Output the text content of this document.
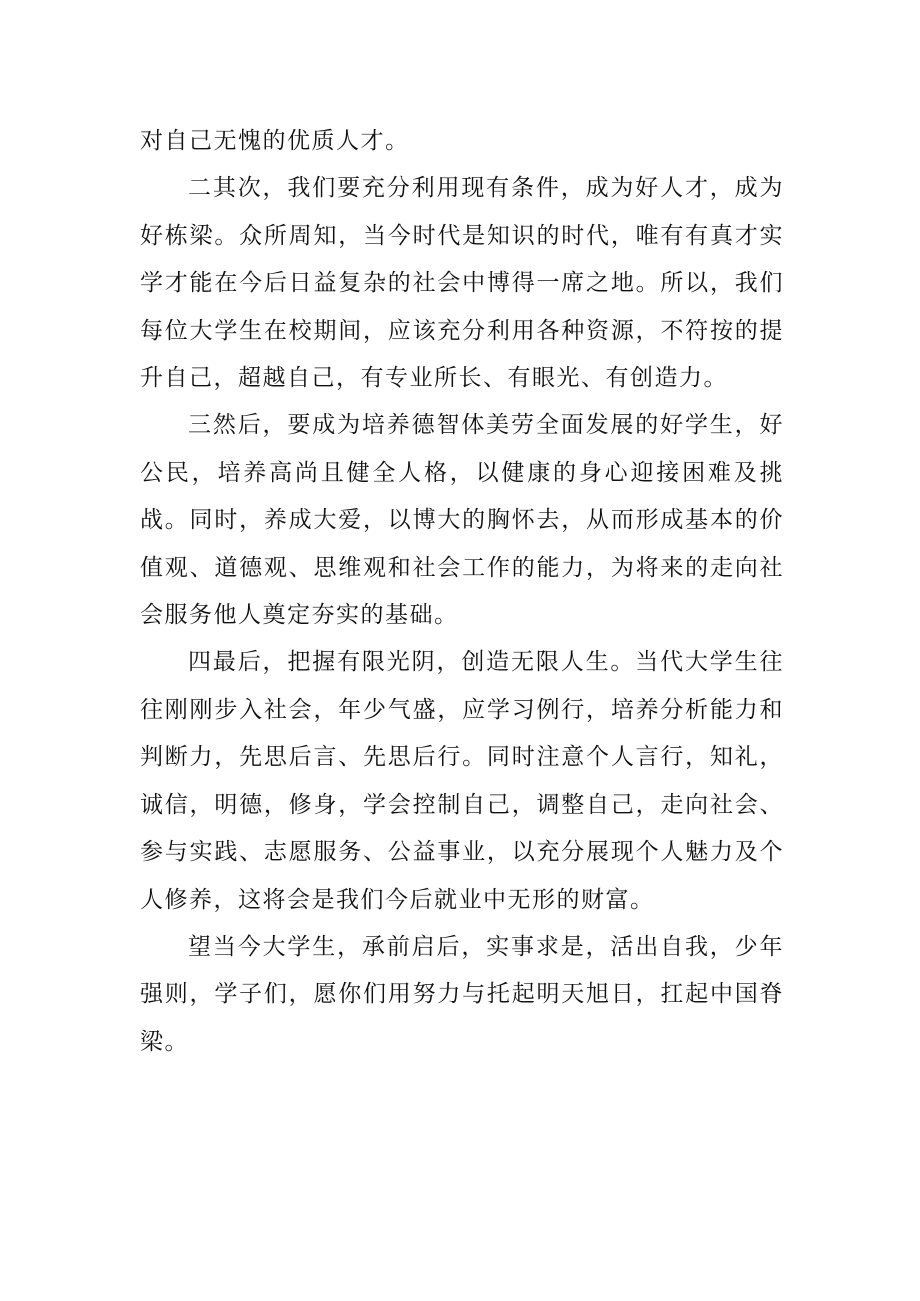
对自己无愧的优质人才。

二其次，我们要充分利用现有条件，成为好人才，成为好栋梁。众所周知，当今时代是知识的时代，唯有有真才实学才能在今后日益复杂的社会中博得一席之地。所以，我们每位大学生在校期间，应该充分利用各种资源，不符按的提升自己，超越自己，有专业所长、有眼光、有创造力。

三然后，要成为培养德智体美劳全面发展的好学生，好公民，培养高尚且健全人格，以健康的身心迎接困难及挑战。同时，养成大爱，以博大的胸怀去，从而形成基本的价值观、道德观、思维观和社会工作的能力，为将来的走向社会服务他人奠定夯实的基础。

四最后，把握有限光阴，创造无限人生。当代大学生往往刚刚步入社会，年少气盛，应学习例行，培养分析能力和判断力，先思后言、先思后行。同时注意个人言行，知礼，诚信，明德，修身，学会控制自己，调整自己，走向社会、参与实践、志愿服务、公益事业，以充分展现个人魅力及个人修养，这将会是我们今后就业中无形的财富。

望当今大学生，承前启后，实事求是，活出自我，少年强则，学子们，愿你们用努力与托起明天旭日，扛起中国脊梁。
